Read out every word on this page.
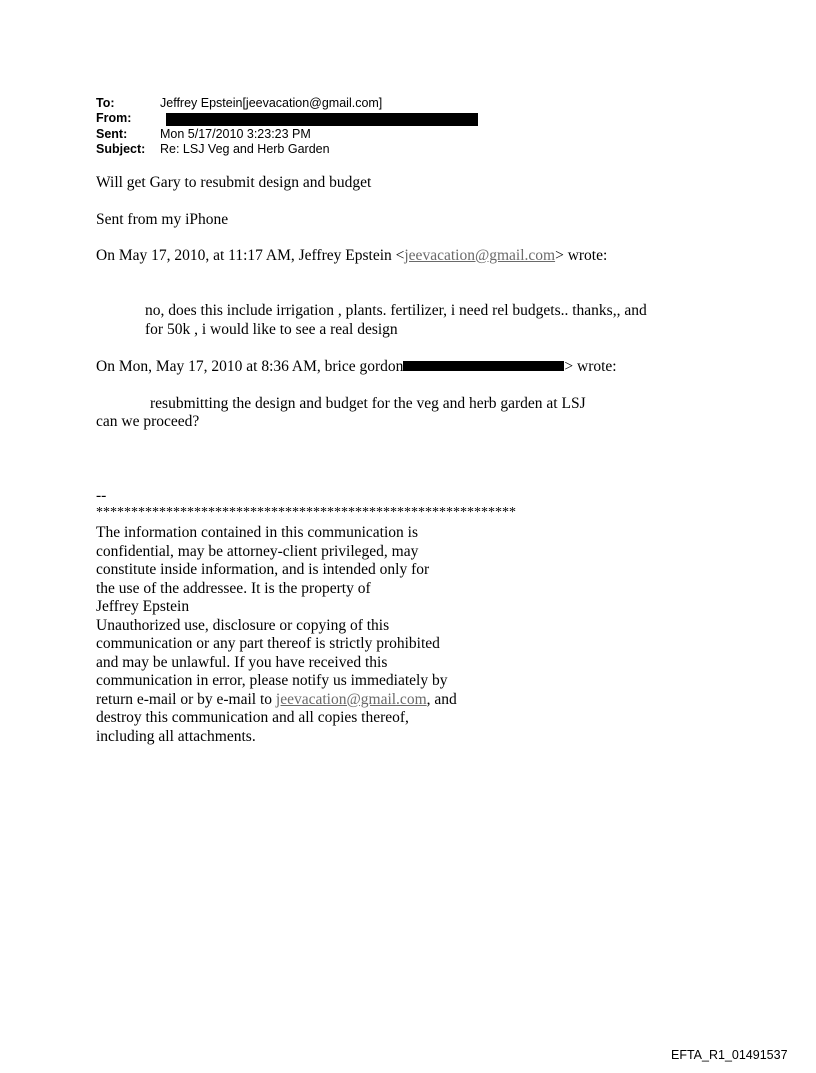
To:	Jeffrey Epstein[jeevacation@gmail.com]
From:
Sent:	Mon 5/17/2010 3:23:23 PM
Subject:	Re: LSJ Veg and Herb Garden
Will get Gary to resubmit design and budget
Sent from my iPhone
On May 17, 2010, at 11:17 AM, Jeffrey Epstein <jeevacation@gmail.com> wrote:
no, does this include irrigation , plants. fertilizer, i need rel budgets.. thanks,, and
for 50k , i would like to see a real design
On Mon, May 17, 2010 at 8:36 AM, brice gordon	> wrote:
resubmitting the design and budget for the veg and herb garden at LSJ
can we proceed?
--
************************************************************
The information contained in this communication is
confidential, may be attorney-client privileged, may
constitute inside information, and is intended only for
the use of the addressee. It is the property of
Jeffrey Epstein
Unauthorized use, disclosure or copying of this
communication or any part thereof is strictly prohibited
and may be unlawful. If you have received this
communication in error, please notify us immediately by
return e-mail or by e-mail to jeevacation@gmail.com, and
destroy this communication and all copies thereof,
including all attachments.
EFTA_R1_01491537
